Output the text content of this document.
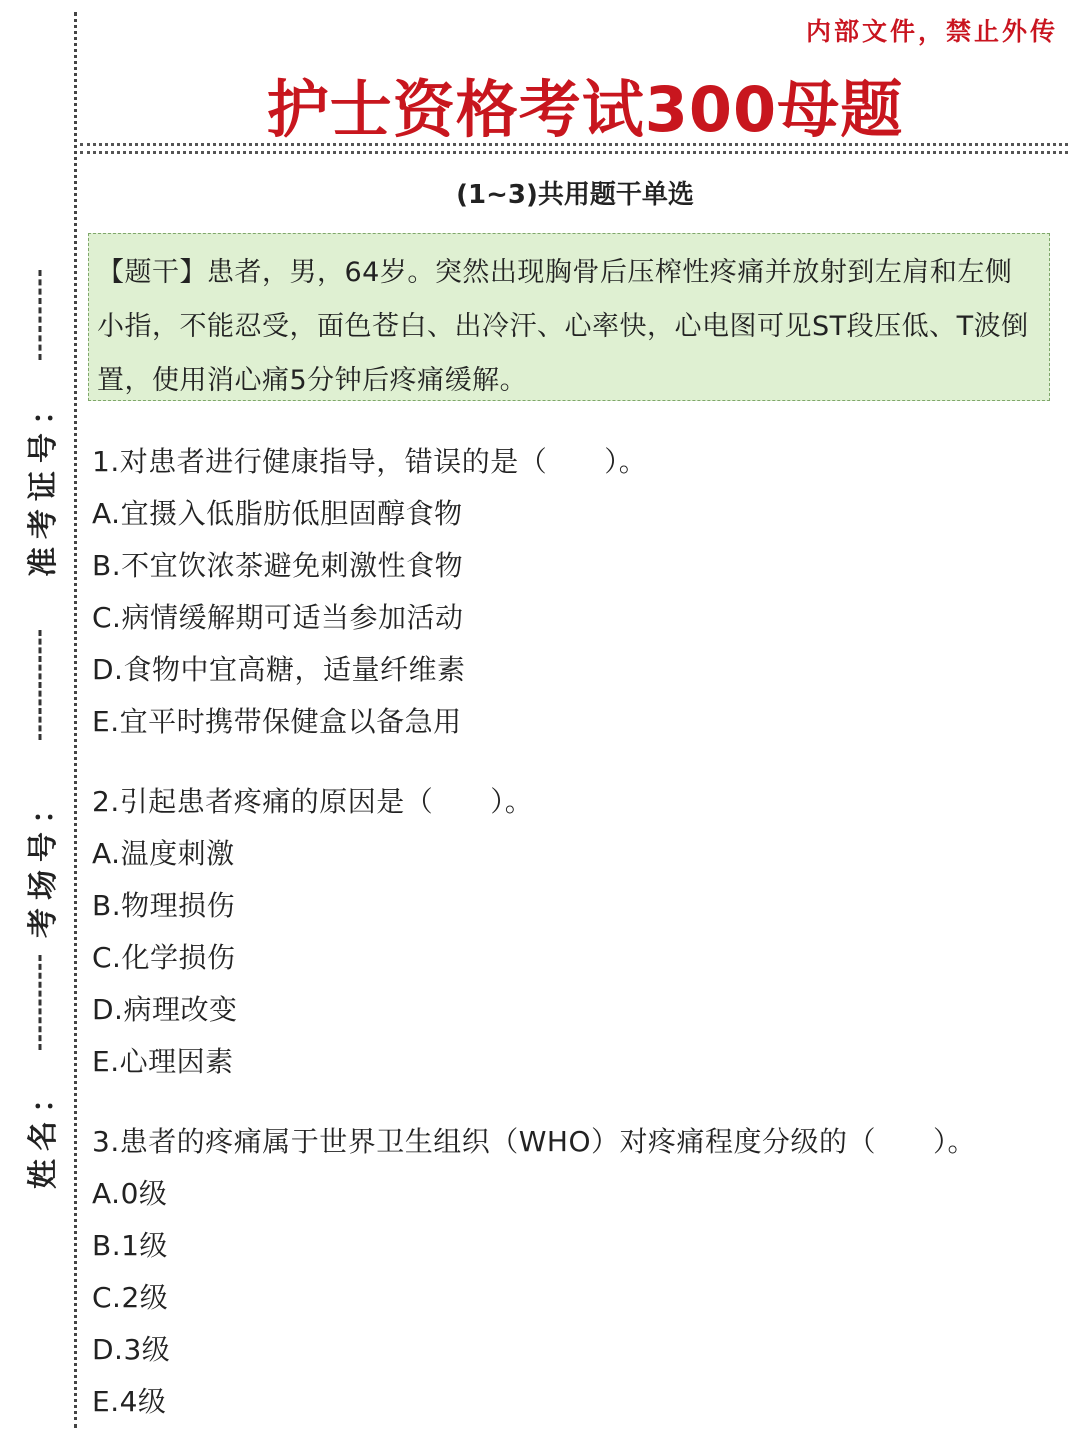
准考证号：
考场号：
姓名：
内部文件，禁止外传
护士资格考试300母题
(1~3)共用题干单选

【题干】患者，男，64岁。突然出现胸骨后压榨性疼痛并放射到左肩和左侧小指，不能忍受，面色苍白、出冷汗、心率快，心电图可见ST段压低、T波倒置，使用消心痛5分钟后疼痛缓解。

1.对患者进行健康指导，错误的是（　　）。
A.宜摄入低脂肪低胆固醇食物
B.不宜饮浓茶避免刺激性食物
C.病情缓解期可适当参加活动
D.食物中宜高糖，适量纤维素
E.宜平时携带保健盒以备急用
2.引起患者疼痛的原因是（　　）。
A.温度刺激
B.物理损伤
C.化学损伤
D.病理改变
E.心理因素
3.患者的疼痛属于世界卫生组织（WHO）对疼痛程度分级的（　　）。
A.0级
B.1级
C.2级
D.3级
E.4级
